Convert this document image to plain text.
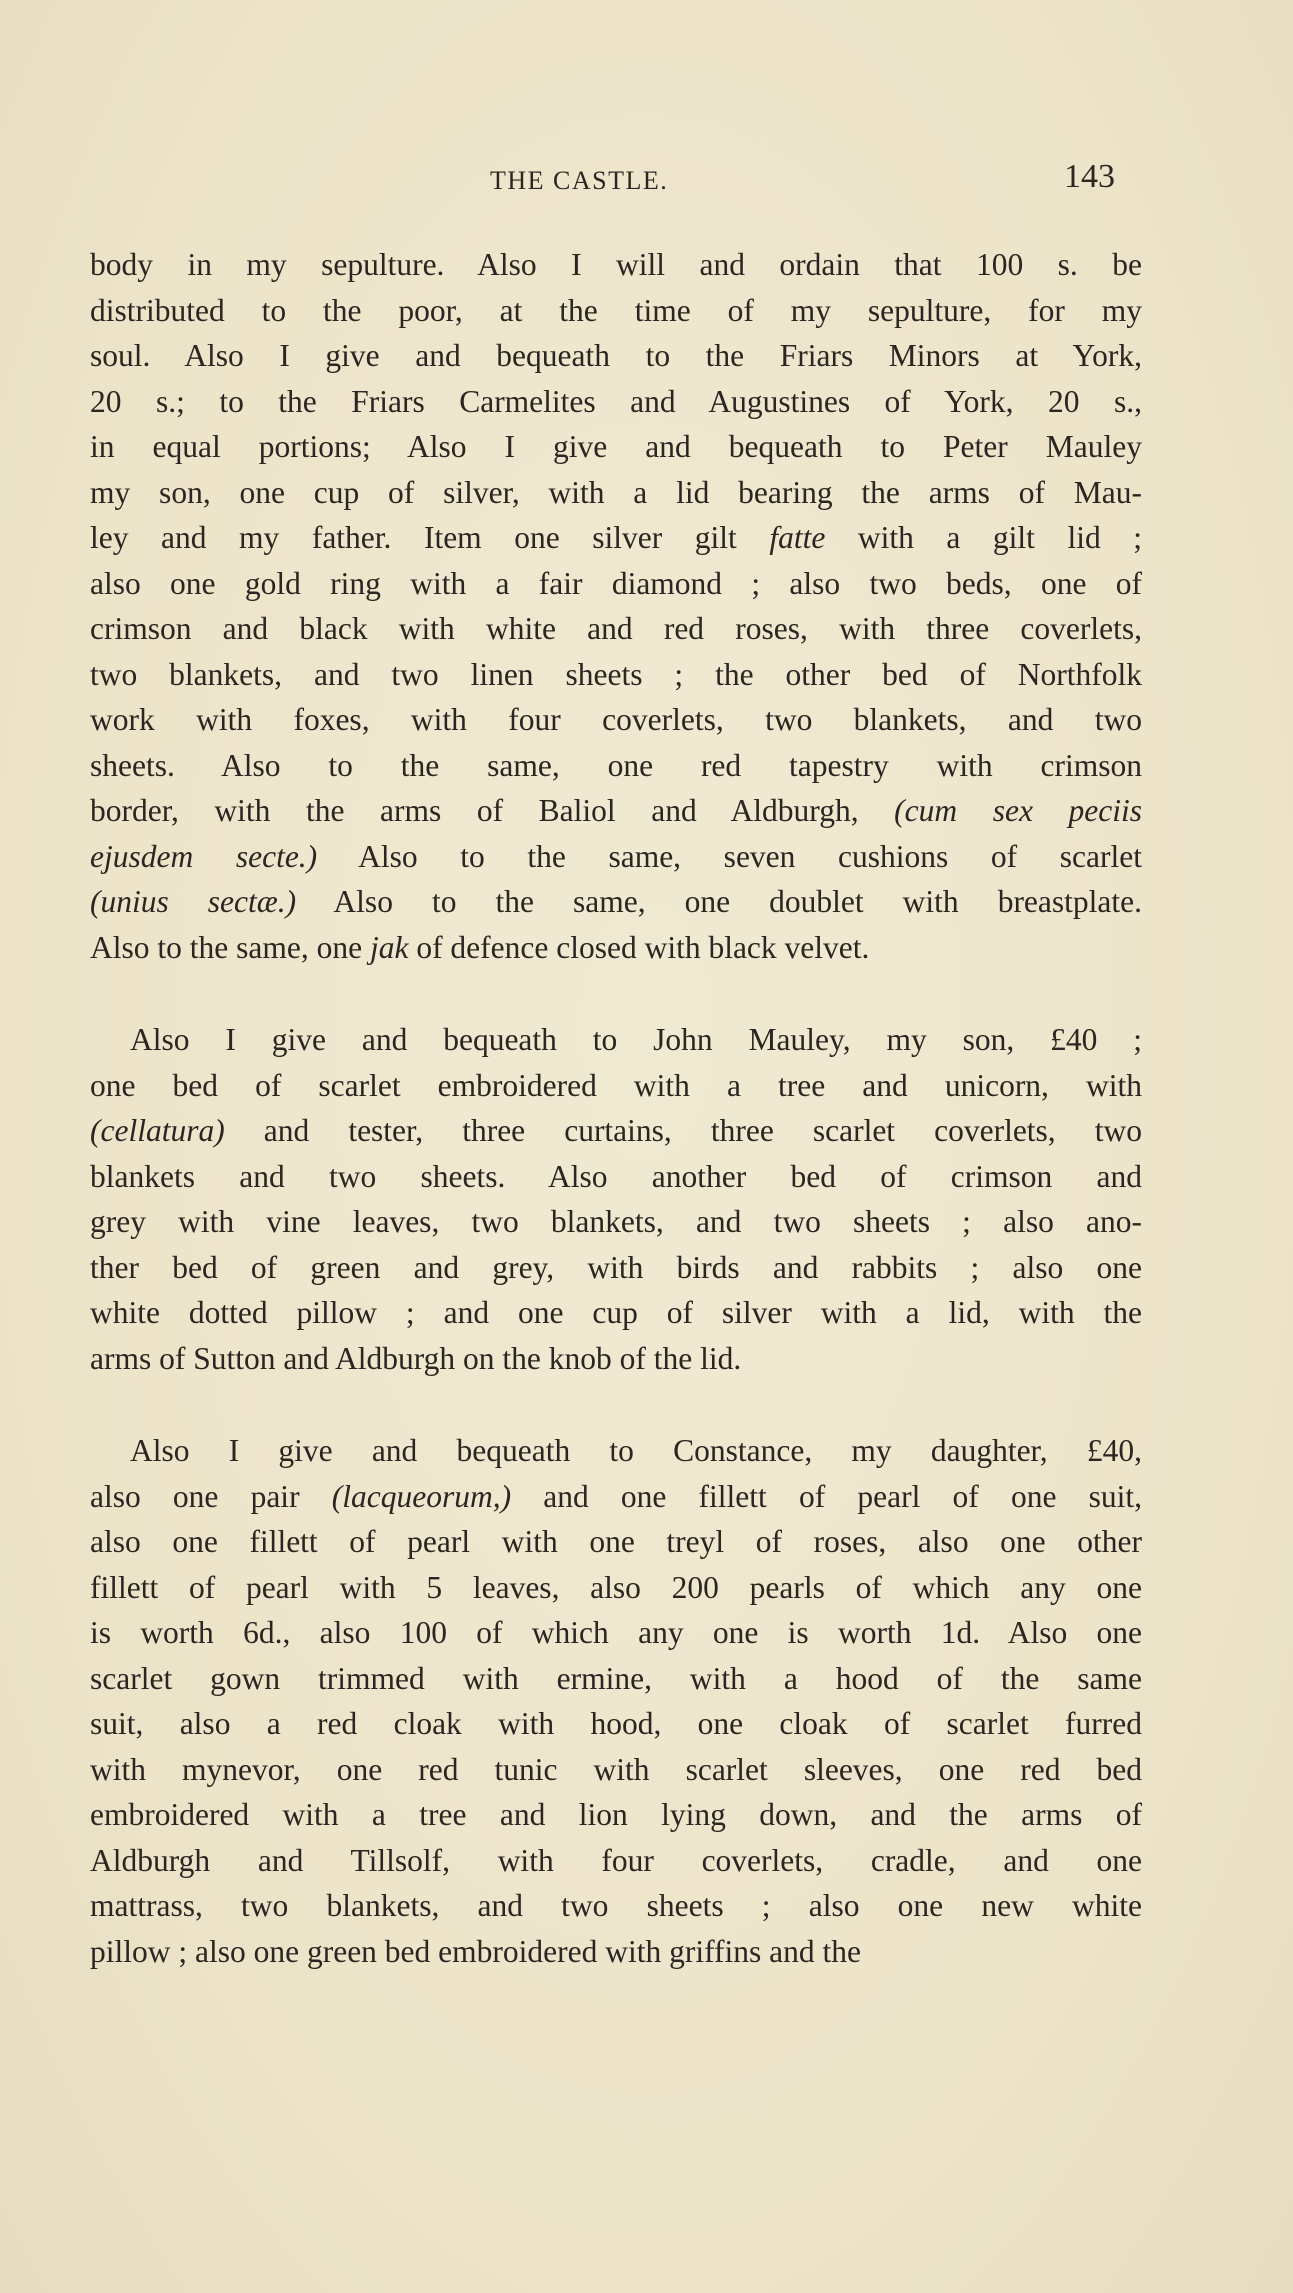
THE CASTLE.	143
body in my sepulture. Also I will and ordain that 100 s. be
distributed to the poor, at the time of my sepulture, for my
soul. Also I give and bequeath to the Friars Minors at York,
20 s.; to the Friars Carmelites and Augustines of York, 20 s.,
in equal portions; Also I give and bequeath to Peter Mauley
my son, one cup of silver, with a lid bearing the arms of Mau-
ley and my father. Item one silver gilt fatte with a gilt lid ;
also one gold ring with a fair diamond ; also two beds, one of
crimson and black with white and red roses, with three coverlets,
two blankets, and two linen sheets ; the other bed of Northfolk
work with foxes, with four coverlets, two blankets, and two
sheets. Also to the same, one red tapestry with crimson
border, with the arms of Baliol and Aldburgh, (cum sex peciis
ejusdem secte.) Also to the same, seven cushions of scarlet
(unius sectæ.) Also to the same, one doublet with breastplate.
Also to the same, one jak of defence closed with black velvet.
Also I give and bequeath to John Mauley, my son, £40 ;
one bed of scarlet embroidered with a tree and unicorn, with
(cellatura) and tester, three curtains, three scarlet coverlets, two
blankets and two sheets. Also another bed of crimson and
grey with vine leaves, two blankets, and two sheets ; also ano-
ther bed of green and grey, with birds and rabbits ; also one
white dotted pillow ; and one cup of silver with a lid, with the
arms of Sutton and Aldburgh on the knob of the lid.
Also I give and bequeath to Constance, my daughter, £40,
also one pair (lacqueorum,) and one fillett of pearl of one suit,
also one fillett of pearl with one treyl of roses, also one other
fillett of pearl with 5 leaves, also 200 pearls of which any one
is worth 6d., also 100 of which any one is worth 1d. Also one
scarlet gown trimmed with ermine, with a hood of the same
suit, also a red cloak with hood, one cloak of scarlet furred
with mynevor, one red tunic with scarlet sleeves, one red bed
embroidered with a tree and lion lying down, and the arms of
Aldburgh and Tillsolf, with four coverlets, cradle, and one
mattrass, two blankets, and two sheets ; also one new white
pillow ; also one green bed embroidered with griffins and the
